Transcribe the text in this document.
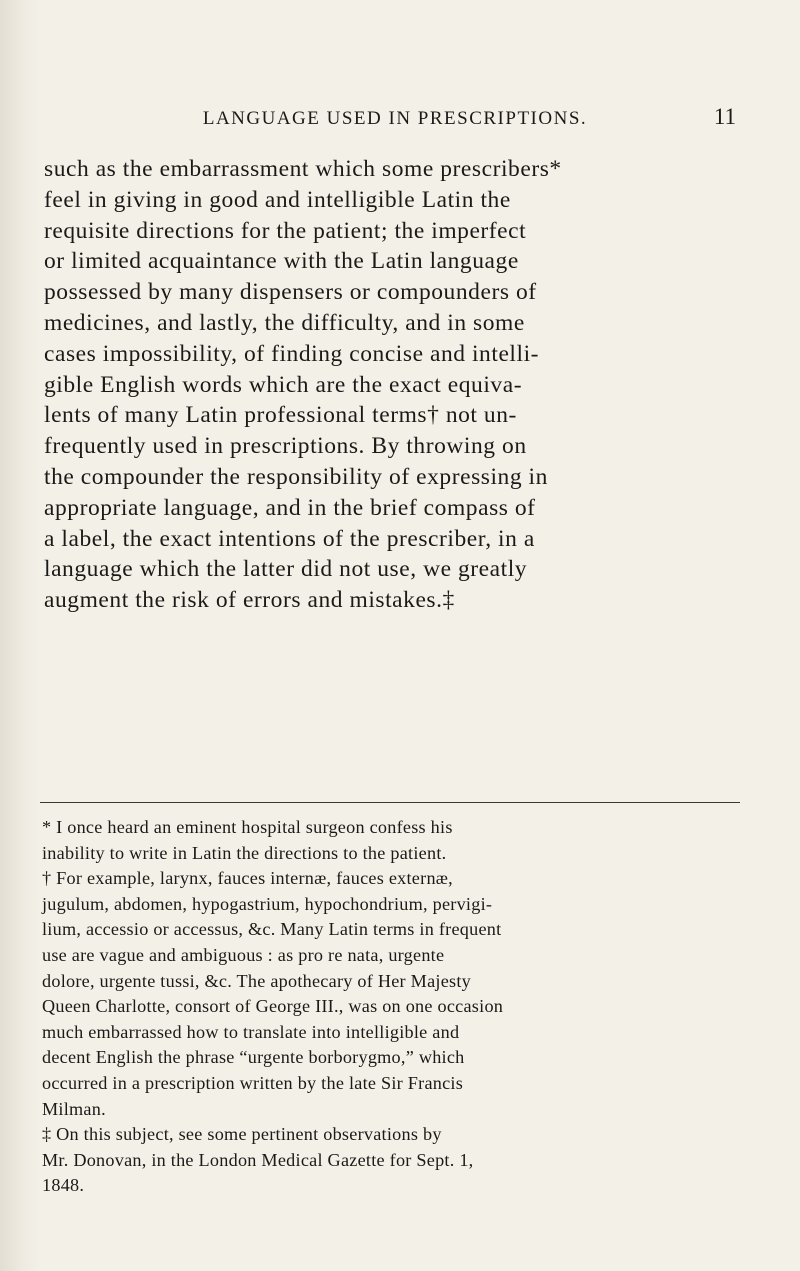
LANGUAGE USED IN PRESCRIPTIONS.	11
such as the embarrassment which some prescribers*
feel in giving in good and intelligible Latin the
requisite directions for the patient; the imperfect
or limited acquaintance with the Latin language
possessed by many dispensers or compounders of
medicines, and lastly, the difficulty, and in some
cases impossibility, of finding concise and intelli-
gible English words which are the exact equiva-
lents of many Latin professional terms† not un-
frequently used in prescriptions. By throwing on
the compounder the responsibility of expressing in
appropriate language, and in the brief compass of
a label, the exact intentions of the prescriber, in a
language which the latter did not use, we greatly
augment the risk of errors and mistakes.‡
* I once heard an eminent hospital surgeon confess his
inability to write in Latin the directions to the patient.
† For example, larynx, fauces internæ, fauces externæ,
jugulum, abdomen, hypogastrium, hypochondrium, pervigi-
lium, accessio or accessus, &c. Many Latin terms in frequent
use are vague and ambiguous : as pro re nata, urgente
dolore, urgente tussi, &c. The apothecary of Her Majesty
Queen Charlotte, consort of George III., was on one occasion
much embarrassed how to translate into intelligible and
decent English the phrase “urgente borborygmo,” which
occurred in a prescription written by the late Sir Francis
Milman.
‡ On this subject, see some pertinent observations by
Mr. Donovan, in the London Medical Gazette for Sept. 1,
1848.
